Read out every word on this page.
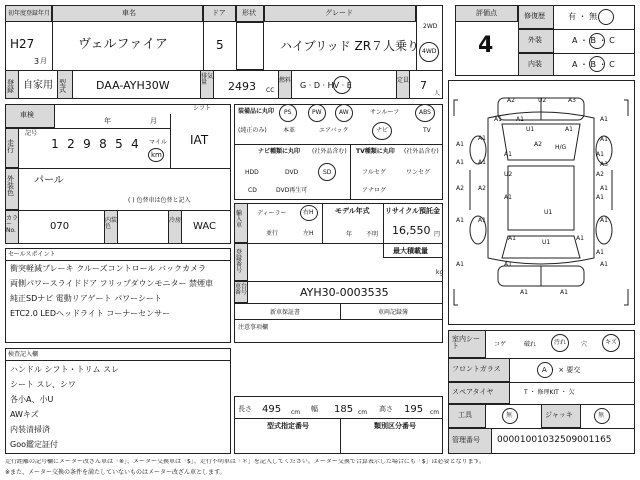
初年度登録年月
H27
3 月
車名
ヴェルファイア
ドア
5
形状	グレード
ハイブリッド ZR７人乗り
2WD
4WD
登録 自家用 型式	DAA-AYH30W
排気量	2493 CC
燃料
G · D · HV · E
定員 7
人
評価点
4
修復歴	有 ・ 無
外装	A ・ B ・ C
内装	A ・ B ・ C
車検
年	月
シフト
IAT
走行
記号
1 2 9 8 5 4	マイル
km
外装色
パール
( ) 色替車は色替と記入
カラーNo.	070
内装色
冷房
WAC
装備品に丸印
(純正のみ)
PS	PW	AW	サンルーフ	ABS
本革	エアバック	ナビ	TV
ナビ種類に丸印 (社外品含む)
HDD	DVD	SD
CD	DVD再生可
TV種類に丸印 (社外品含む)
フルセグ	ワンセグ
アナログ
輸入車
ディーラー	右H
並行	左H
モデル年式
年 不明
リサイクル預託金
16,550 円
登録番号
最大積載量
kg
車台番号	AYH30-0003535
新車保証書	車両記録簿
注意事項欄
セールスポイント
衝突軽減ブレーキ クルーズコントロール バックカメラ
両側パワースライドドア フリップダウンモニター 禁煙車
純正SDナビ 電動リアゲート パワーシート
ETC2.0 LEDヘッドライト コーナーセンサー
検査記入欄
ハンドル シフト・トリム スレ
シート スレ、シワ
各小A、小U
AWキズ
内装清掃済
Goo鑑定証付
長さ 495 cm 幅 185 cm 高さ 195 cm
型式指定番号	類別区分番号
A2	U2	A3
A1 A1	A1
U1	A1
A1
A1	A1
A2
A1	A1
A1 A1	A3
U2	A2
A2 A2	A1
U1
A1	A1
A1 A1	A1
A1
U1
A1
A1	A1
A1
A1
A1	A1
H/G
室内シート	コゲ	破れ	汚れ 穴	キズ
フロントガラス	A ・ × 要交
スペアタイヤ	T ・ 修理KIT ・ 欠
工具	無	ジャッキ	無
管理番号 00001001032509001165
走行距離の記号欄にメーター改ざん車は「※」、メーター交換車は「$」、走行不明車は「＊」を記入してください。メーター交換で合算表示した場合にも「$」は必要となります。
※また、メーター交換の条件を満たしていないものはメーター改ざん車とします。
